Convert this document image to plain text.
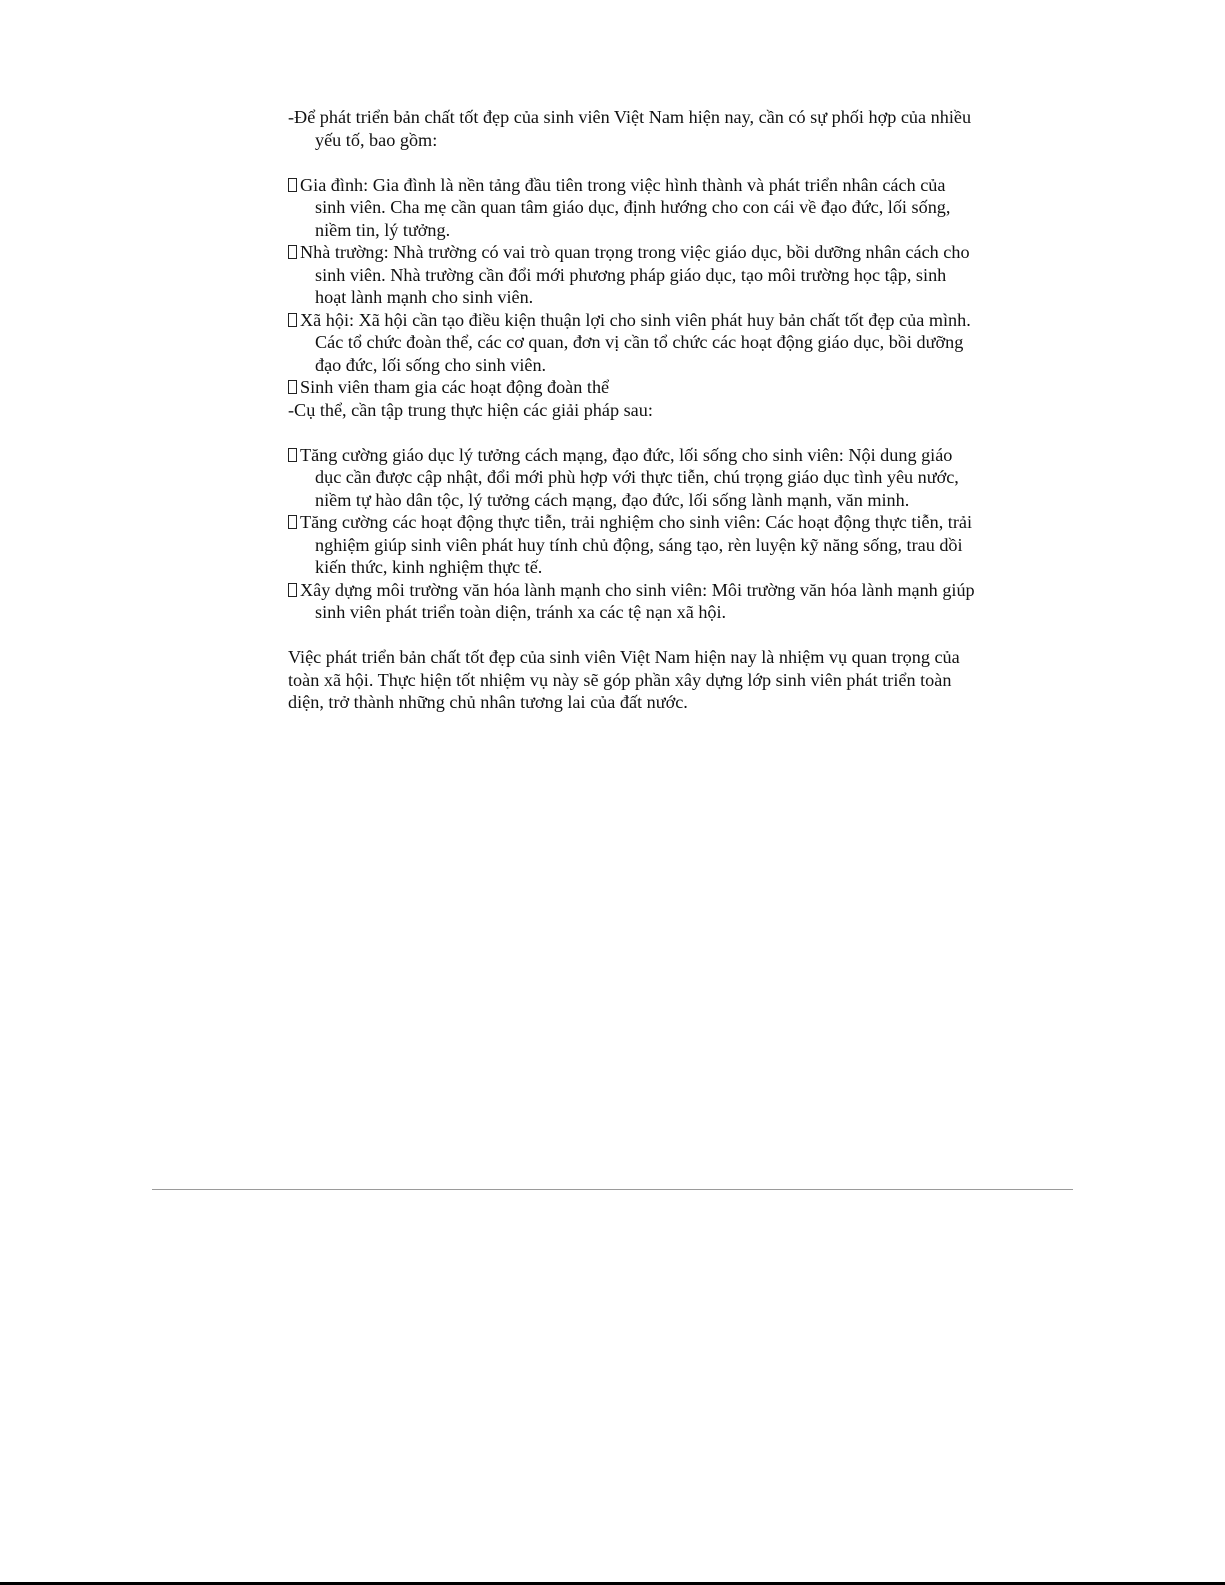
-Để phát triển bản chất tốt đẹp của sinh viên Việt Nam hiện nay, cần có sự phối hợp của nhiều yếu tố, bao gồm:

Gia đình: Gia đình là nền tảng đầu tiên trong việc hình thành và phát triển nhân cách của sinh viên. Cha mẹ cần quan tâm giáo dục, định hướng cho con cái về đạo đức, lối sống, niềm tin, lý tưởng.

Nhà trường: Nhà trường có vai trò quan trọng trong việc giáo dục, bồi dưỡng nhân cách cho sinh viên. Nhà trường cần đổi mới phương pháp giáo dục, tạo môi trường học tập, sinh hoạt lành mạnh cho sinh viên.

Xã hội: Xã hội cần tạo điều kiện thuận lợi cho sinh viên phát huy bản chất tốt đẹp của mình. Các tổ chức đoàn thể, các cơ quan, đơn vị cần tổ chức các hoạt động giáo dục, bồi dưỡng đạo đức, lối sống cho sinh viên.

Sinh viên tham gia các hoạt động đoàn thể

-Cụ thể, cần tập trung thực hiện các giải pháp sau:

Tăng cường giáo dục lý tưởng cách mạng, đạo đức, lối sống cho sinh viên: Nội dung giáo dục cần được cập nhật, đổi mới phù hợp với thực tiễn, chú trọng giáo dục tình yêu nước, niềm tự hào dân tộc, lý tưởng cách mạng, đạo đức, lối sống lành mạnh, văn minh.

Tăng cường các hoạt động thực tiễn, trải nghiệm cho sinh viên: Các hoạt động thực tiễn, trải nghiệm giúp sinh viên phát huy tính chủ động, sáng tạo, rèn luyện kỹ năng sống, trau dồi kiến thức, kinh nghiệm thực tế.

Xây dựng môi trường văn hóa lành mạnh cho sinh viên: Môi trường văn hóa lành mạnh giúp sinh viên phát triển toàn diện, tránh xa các tệ nạn xã hội.

Việc phát triển bản chất tốt đẹp của sinh viên Việt Nam hiện nay là nhiệm vụ quan trọng của toàn xã hội. Thực hiện tốt nhiệm vụ này sẽ góp phần xây dựng lớp sinh viên phát triển toàn diện, trở thành những chủ nhân tương lai của đất nước.
